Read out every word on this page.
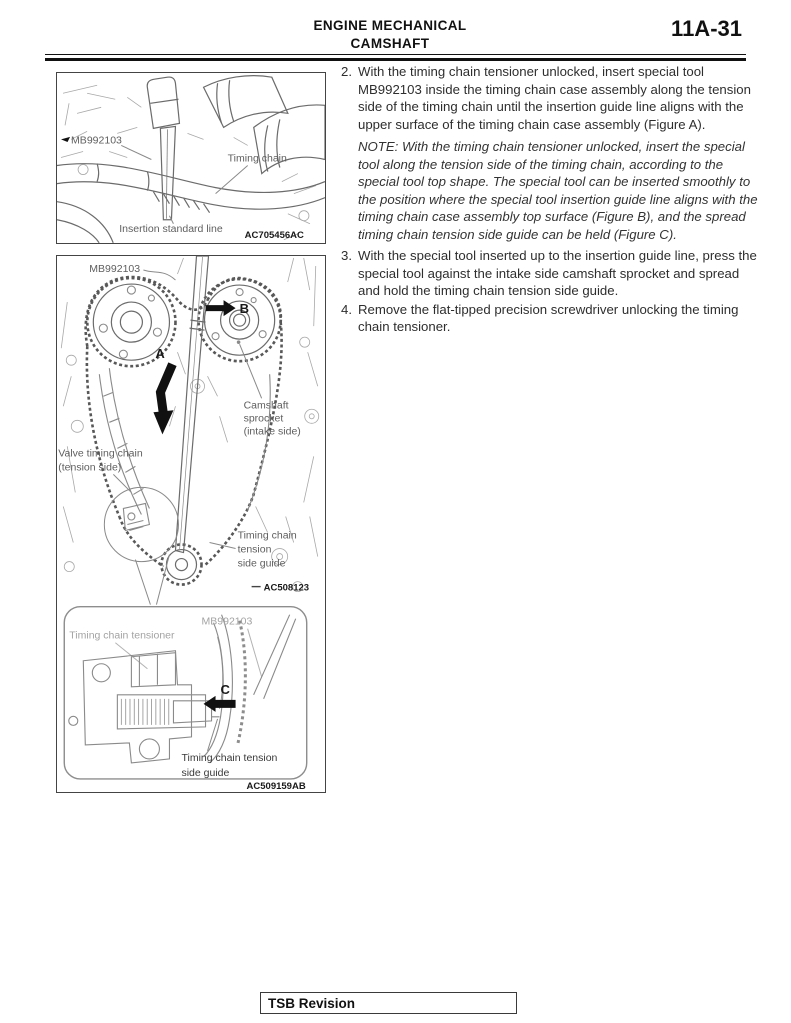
ENGINE MECHANICAL
CAMSHAFT
11A-31
MB992103
Timing chain
Insertion standard line
AC705456AC
B
A
MB992103
Camshaft
sprocket
(intake side)
Valve timing chain
(tension side)
Timing chain
tension
side guide
AC508123
C
MB992103
Timing chain tensioner
Timing chain tension
side guide
AC509159AB
2. With the timing chain tensioner unlocked, insert special tool MB992103 inside the timing chain case assembly along the tension side of the timing chain until the insertion guide line aligns with the upper surface of the timing chain case assembly (Figure A).

NOTE: With the timing chain tensioner unlocked, insert the special tool along the tension side of the timing chain, according to the special tool top shape. The special tool can be inserted smoothly to the position where the special tool insertion guide line aligns with the timing chain case assembly top surface (Figure B), and the spread timing chain tension side guide can be held (Figure C).

3. With the special tool inserted up to the insertion guide line, press the special tool against the intake side camshaft sprocket and spread and hold the timing chain tension side guide.

4. Remove the flat-tipped precision screwdriver unlocking the timing chain tensioner.

TSB Revision
